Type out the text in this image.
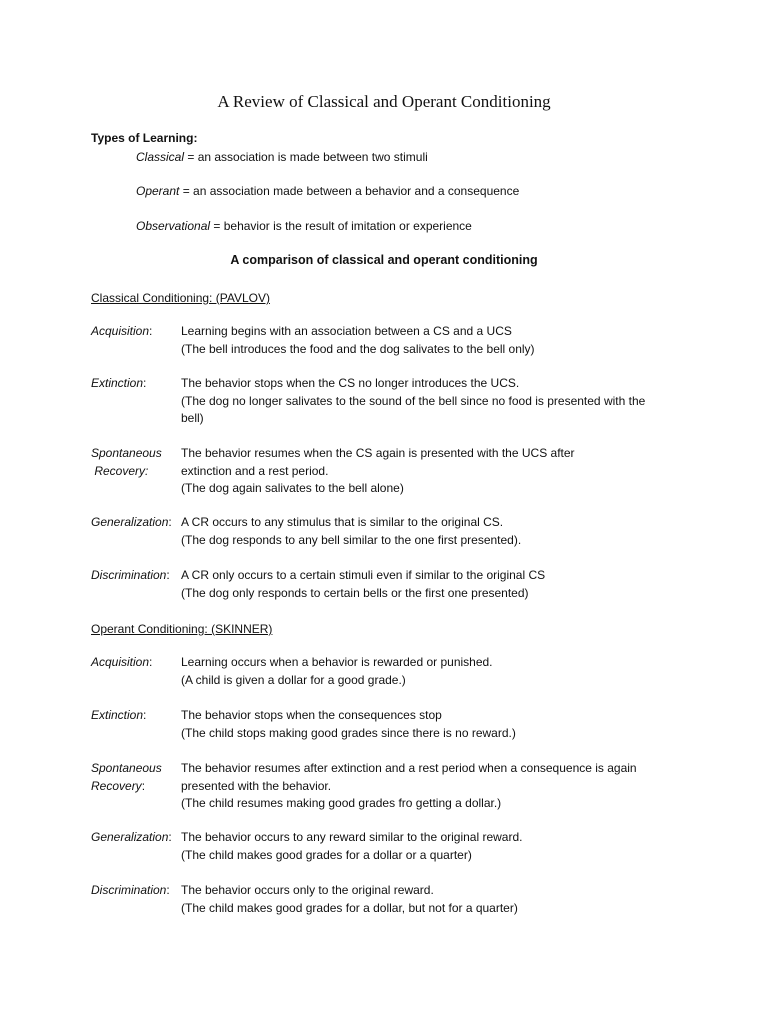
A Review of Classical and Operant Conditioning
Types of Learning:
Classical = an association is made between two stimuli
Operant = an association made between a behavior and a consequence
Observational = behavior is the result of imitation or experience
A comparison of classical and operant conditioning
Classical Conditioning: (PAVLOV)
Acquisition: Learning begins with an association between a CS and a UCS
(The bell introduces the food and the dog salivates to the bell only)
Extinction:	The behavior stops when the CS no longer introduces the UCS.
(The dog no longer salivates to the sound of the bell since no food is presented with the
bell)
Spontaneous
Recovery:
The behavior resumes when the CS again is presented with the UCS after
extinction and a rest period.
(The dog again salivates to the bell alone)
Generalization: A CR occurs to any stimulus that is similar to the original CS.
(The dog responds to any bell similar to the one first presented).
Discrimination: A CR only occurs to a certain stimuli even if similar to the original CS
(The dog only responds to certain bells or the first one presented)
Operant Conditioning: (SKINNER)
Acquisition: Learning occurs when a behavior is rewarded or punished.
(A child is given a dollar for a good grade.)
Extinction:	The behavior stops when the consequences stop
(The child stops making good grades since there is no reward.)
Spontaneous
Recovery:
The behavior resumes after extinction and a rest period when a consequence is again
presented with the behavior.
(The child resumes making good grades fro getting a dollar.)
Generalization: The behavior occurs to any reward similar to the original reward.
(The child makes good grades for a dollar or a quarter)
Discrimination: The behavior occurs only to the original reward.
(The child makes good grades for a dollar, but not for a quarter)
